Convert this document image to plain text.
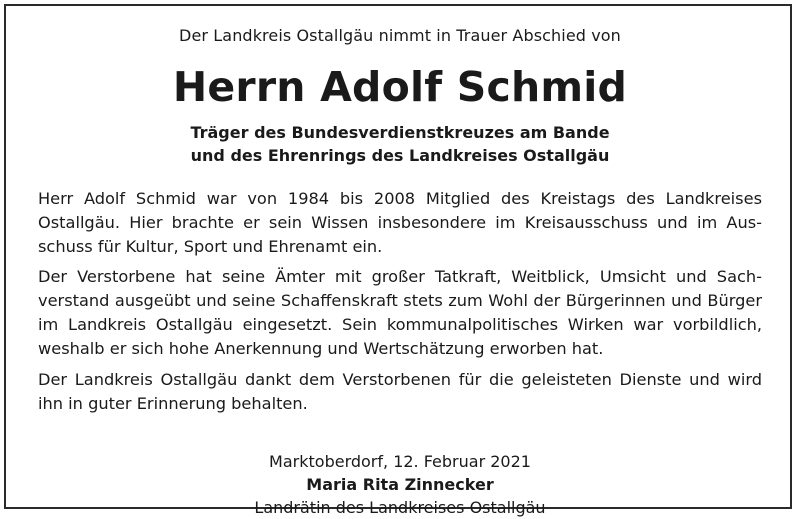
Der Landkreis Ostallgäu nimmt in Trauer Abschied von

Herrn Adolf Schmid
Träger des Bundesverdienstkreuzes am Bande
und des Ehrenrings des Landkreises Ostallgäu

Herr Adolf Schmid war von 1984 bis 2008 Mitglied des Kreistags des Landkreises Ostallgäu. Hier brachte er sein Wissen insbesondere im Kreisausschuss und im Ausschuss für Kultur, Sport und Ehrenamt ein.

Der Verstorbene hat seine Ämter mit großer Tatkraft, Weitblick, Umsicht und Sachverstand ausgeübt und seine Schaffenskraft stets zum Wohl der Bürgerinnen und Bürger im Landkreis Ostallgäu eingesetzt. Sein kommunalpolitisches Wirken war vorbildlich, weshalb er sich hohe Anerkennung und Wertschätzung erworben hat.

Der Landkreis Ostallgäu dankt dem Verstorbenen für die geleisteten Dienste und wird ihn in guter Erinnerung behalten.

Marktoberdorf, 12. Februar 2021
Maria Rita Zinnecker
Landrätin des Landkreises Ostallgäu
